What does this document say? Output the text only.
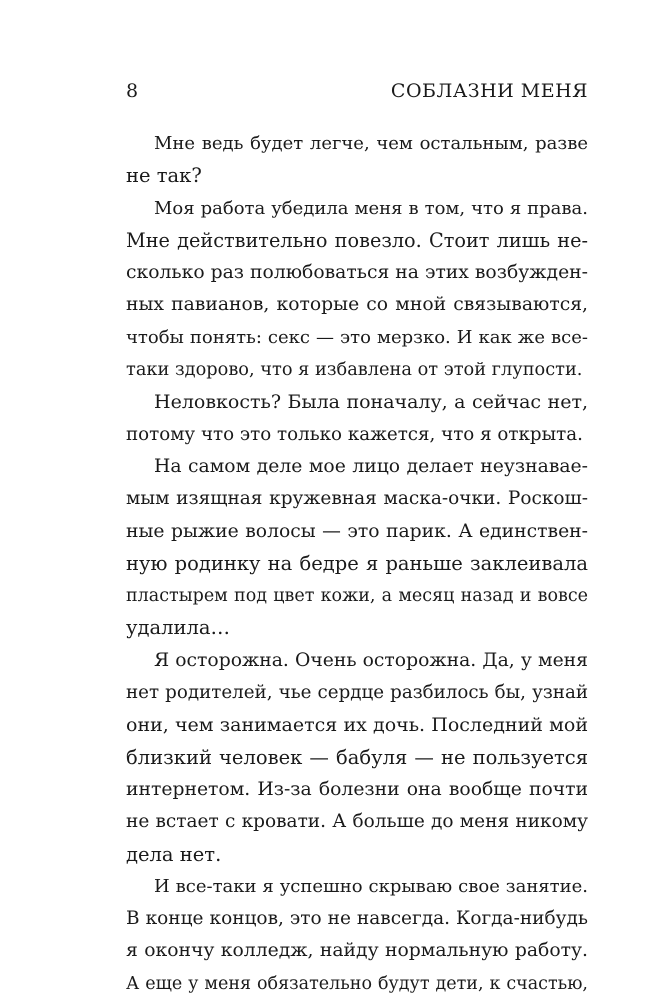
8	СОБЛАЗНИ МЕНЯ
Мне ведь будет легче, чем остальным, разве
не так?
Моя работа убедила меня в том, что я права.
Мне действительно повезло. Стоит лишь не-
сколько раз полюбоваться на этих возбужден-
ных павианов, которые со мной связываются,
чтобы понять: секс — это мерзко. И как же все-
таки здорово, что я избавлена от этой глупости.
Неловкость? Была поначалу, а сейчас нет,
потому что это только кажется, что я открыта.
На самом деле мое лицо делает неузнавае-
мым изящная кружевная маска-очки. Роскош-
ные рыжие волосы — это парик. А единствен-
ную родинку на бедре я раньше заклеивала
пластырем под цвет кожи, а месяц назад и вовсе
удалила…
Я осторожна. Очень осторожна. Да, у меня
нет родителей, чье сердце разбилось бы, узнай
они, чем занимается их дочь. Последний мой
близкий человек — бабуля — не пользуется
интернетом. Из-за болезни она вообще почти
не встает с кровати. А больше до меня никому
дела нет.
И все-таки я успешно скрываю свое занятие.
В конце концов, это не навсегда. Когда-нибудь
я окончу колледж, найду нормальную работу.
А еще у меня обязательно будут дети, к счастью,
